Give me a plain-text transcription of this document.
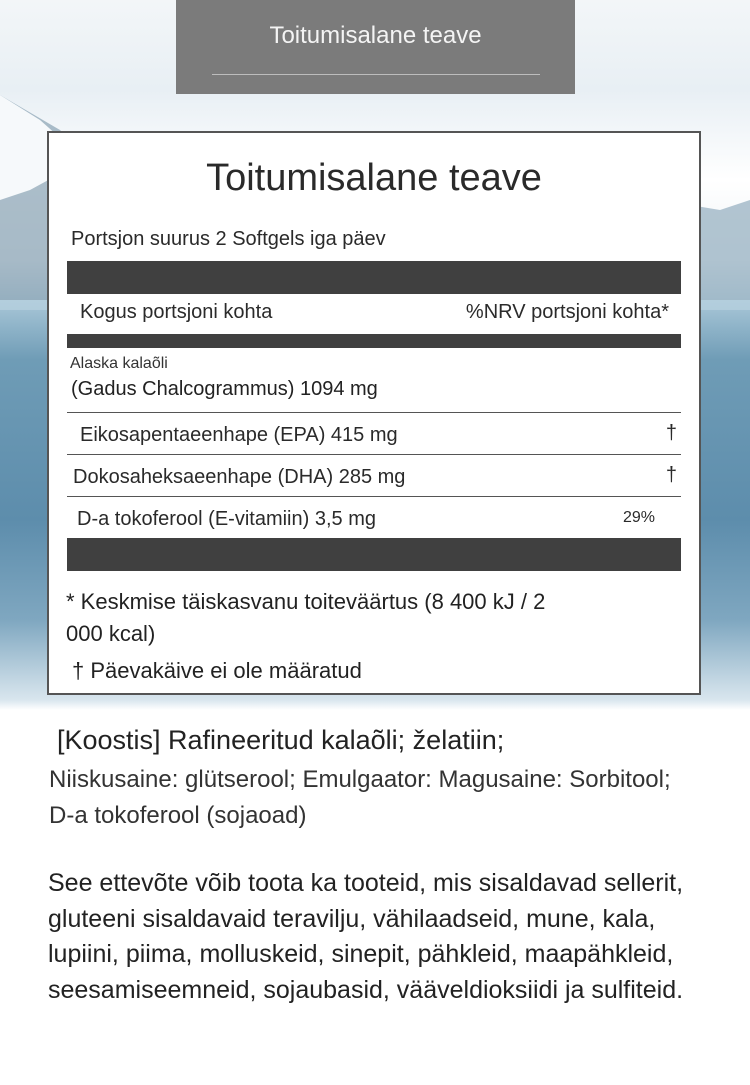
Toitumisalane teave
Toitumisalane teave
Portsjon suurus 2 Softgels iga päev
Kogus portsjoni kohta	%NRV portsjoni kohta*
Alaska kalaõli
(Gadus Chalcogrammus) 1094 mg
Eikosapentaeenhape (EPA) 415 mg	†
Dokosaheksaeenhape (DHA) 285 mg	†
D-a tokoferool (E-vitamiin) 3,5 mg	29%
* Keskmise täiskasvanu toiteväärtus (8 400 kJ / 2 000 kcal)
† Päevakäive ei ole määratud
[Koostis] Rafineeritud kalaõli; želatiin;
Niiskusaine: glütserool; Emulgaator: Magusaine: Sorbitool; D-a tokoferool (sojaoad)
See ettevõte võib toota ka tooteid, mis sisaldavad sellerit, gluteeni sisaldavaid teravilju, vähilaadseid, mune, kala, lupiini, piima, molluskeid, sinepit, pähkleid, maapähkleid, seesamiseemneid, sojaubasid, vääveldioksiidi ja sulfiteid.
